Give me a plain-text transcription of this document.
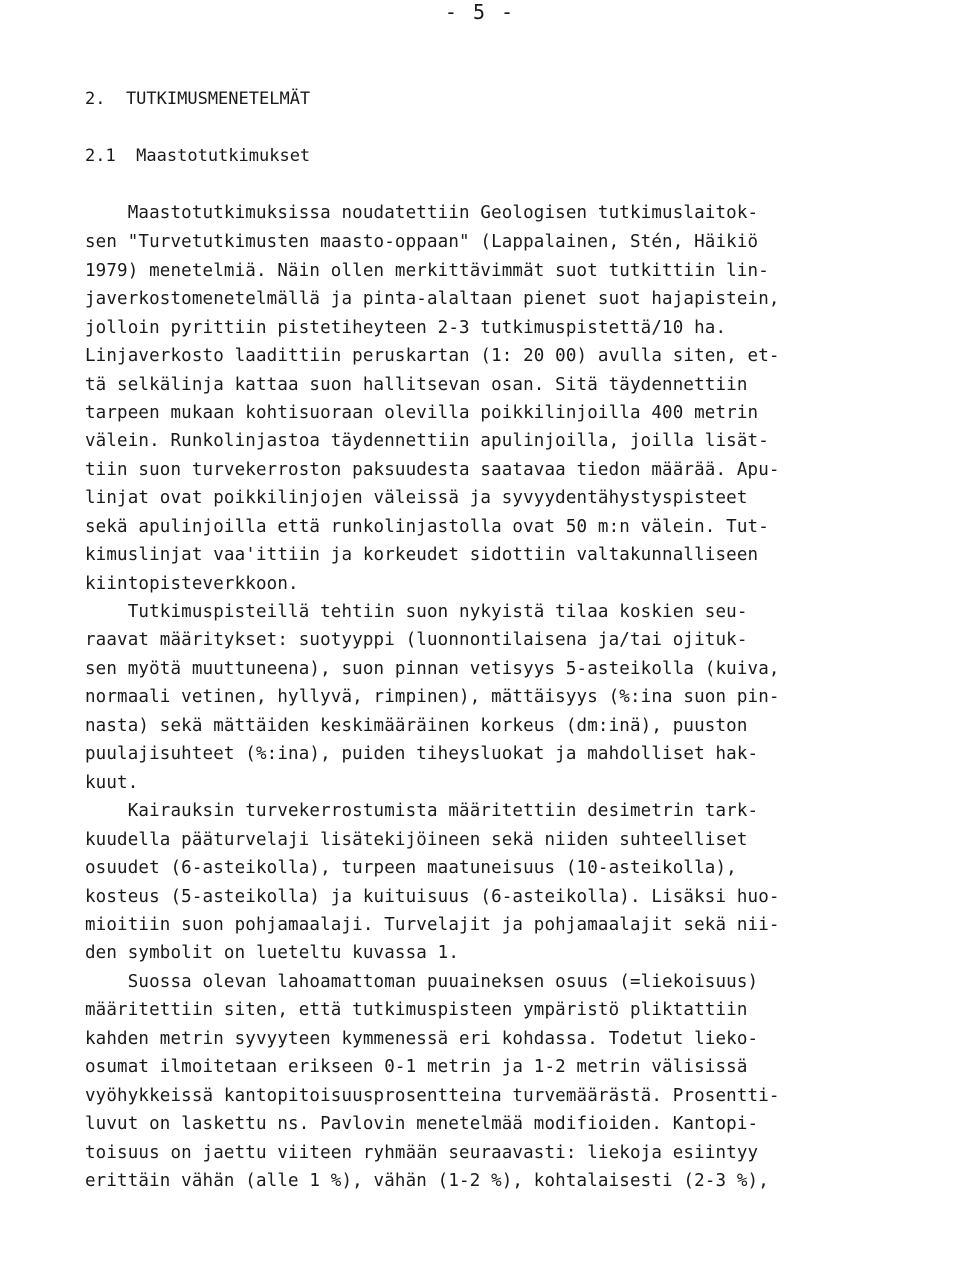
- 5 -
2.  TUTKIMUSMENETELMÄT
2.1  Maastotutkimukset
Maastotutkimuksissa noudatettiin Geologisen tutkimuslaitok-
sen "Turvetutkimusten maasto-oppaan" (Lappalainen, Stén, Häikiö
1979) menetelmiä. Näin ollen merkittävimmät suot tutkittiin lin-
javerkostomenetelmällä ja pinta-alaltaan pienet suot hajapistein,
jolloin pyrittiin pistetiheyteen 2-3 tutkimuspistettä/10 ha.
Linjaverkosto laadittiin peruskartan (1: 20 00) avulla siten, et-
tä selkälinja kattaa suon hallitsevan osan. Sitä täydennettiin
tarpeen mukaan kohtisuoraan olevilla poikkilinjoilla 400 metrin
välein. Runkolinjastoa täydennettiin apulinjoilla, joilla lisät-
tiin suon turvekerroston paksuudesta saatavaa tiedon määrää. Apu-
linjat ovat poikkilinjojen väleissä ja syvyydentähystyspisteet
sekä apulinjoilla että runkolinjastolla ovat 50 m:n välein. Tut-
kimuslinjat vaa'ittiin ja korkeudet sidottiin valtakunnalliseen
kiintopisteverkkoon.
Tutkimuspisteillä tehtiin suon nykyistä tilaa koskien seu-
raavat määritykset: suotyyppi (luonnontilaisena ja/tai ojituk-
sen myötä muuttuneena), suon pinnan vetisyys 5-asteikolla (kuiva,
normaali vetinen, hyllyvä, rimpinen), mättäisyys (%:ina suon pin-
nasta) sekä mättäiden keskimääräinen korkeus (dm:inä), puuston
puulajisuhteet (%:ina), puiden tiheysluokat ja mahdolliset hak-
kuut.
Kairauksin turvekerrostumista määritettiin desimetrin tark-
kuudella pääturvelaji lisätekijöineen sekä niiden suhteelliset
osuudet (6-asteikolla), turpeen maatuneisuus (10-asteikolla),
kosteus (5-asteikolla) ja kuituisuus (6-asteikolla). Lisäksi huo-
mioitiin suon pohjamaalaji. Turvelajit ja pohjamaalajit sekä nii-
den symbolit on lueteltu kuvassa 1.
Suossa olevan lahoamattoman puuaineksen osuus (=liekoisuus)
määritettiin siten, että tutkimuspisteen ympäristö pliktattiin
kahden metrin syvyyteen kymmenessä eri kohdassa. Todetut lieko-
osumat ilmoitetaan erikseen 0-1 metrin ja 1-2 metrin välisissä
vyöhykkeissä kantopitoisuusprosentteina turvemäärästä. Prosentti-
luvut on laskettu ns. Pavlovin menetelmää modifioiden. Kantopi-
toisuus on jaettu viiteen ryhmään seuraavasti: liekoja esiintyy
erittäin vähän (alle 1 %), vähän (1-2 %), kohtalaisesti (2-3 %),
